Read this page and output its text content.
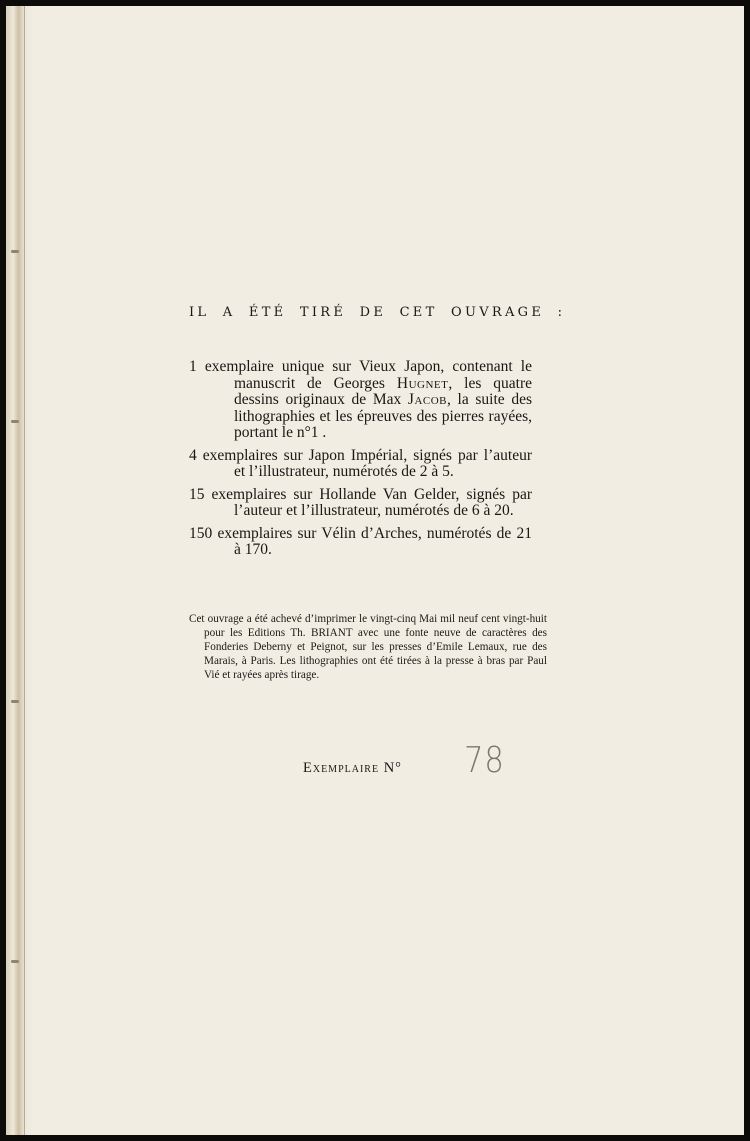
IL A ÉTÉ TIRÉ DE CET OUVRAGE :

1 exemplaire unique sur Vieux Japon, contenant le manuscrit de Georges Hugnet, les quatre dessins originaux de Max Jacob, la suite des lithographies et les épreuves des pierres rayées, portant le n°1 .

4 exemplaires sur Japon Impérial, signés par l’auteur et l’illustrateur, numérotés de 2 à 5.

15 exemplaires sur Hollande Van Gelder, signés par l’auteur et l’illustrateur, numérotés de 6 à 20.

150 exemplaires sur Vélin d’Arches, numérotés de 21 à 170.

Cet ouvrage a été achevé d’imprimer le vingt-cinq Mai mil neuf cent vingt-huit pour les Editions Th. BRIANT avec une fonte neuve de caractères des Fonderies Deberny et Peignot, sur les presses d’Emile Lemaux, rue des Marais, à Paris. Les lithographies ont été tirées à la presse à bras par Paul Vié et rayées après tirage.

Exemplaire N° 78
